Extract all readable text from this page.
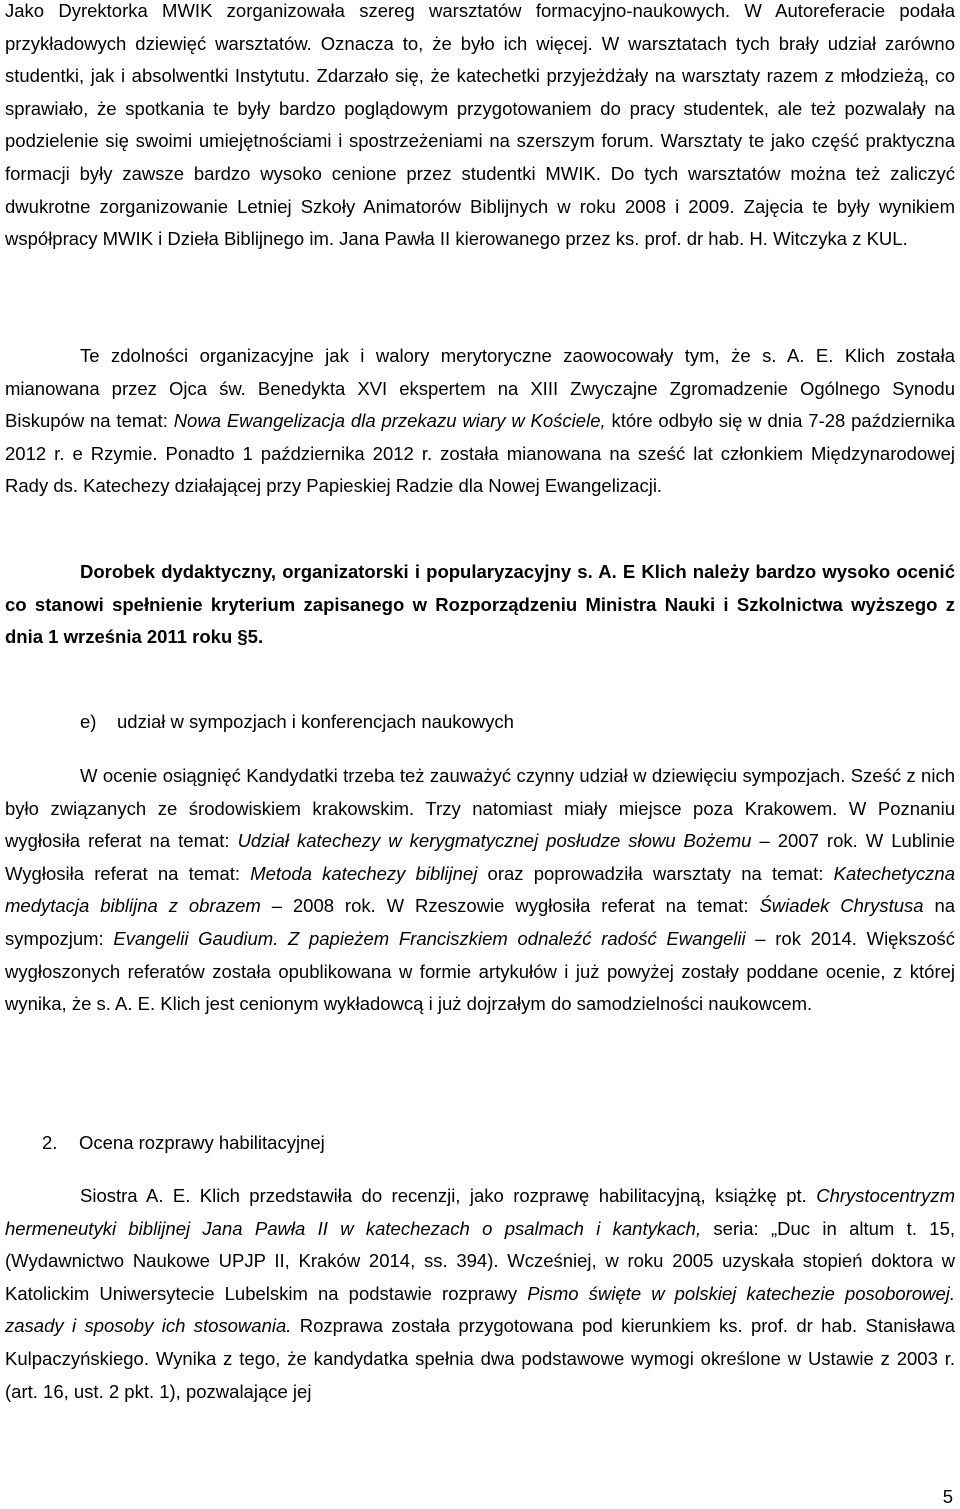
Jako Dyrektorka MWIK zorganizowała szereg warsztatów formacyjno-naukowych. W Autoreferacie podała przykładowych dziewięć warsztatów. Oznacza to, że było ich więcej. W warsztatach tych brały udział zarówno studentki, jak i absolwentki Instytutu. Zdarzało się, że katechetki przyjeżdżały na warsztaty razem z młodzieżą, co sprawiało, że spotkania te były bardzo poglądowym przygotowaniem do pracy studentek, ale też pozwalały na podzielenie się swoimi umiejętnościami i spostrzeżeniami na szerszym forum. Warsztaty te jako część praktyczna formacji były zawsze bardzo wysoko cenione przez studentki MWIK. Do tych warsztatów można też zaliczyć dwukrotne zorganizowanie Letniej Szkoły Animatorów Biblijnych w roku 2008 i 2009. Zajęcia te były wynikiem współpracy MWIK i Dzieła Biblijnego im. Jana Pawła II kierowanego przez ks. prof. dr hab. H. Witczyka z KUL.

Te zdolności organizacyjne jak i walory merytoryczne zaowocowały tym, że s. A. E. Klich została mianowana przez Ojca św. Benedykta XVI ekspertem na XIII Zwyczajne Zgromadzenie Ogólnego Synodu Biskupów na temat: Nowa Ewangelizacja dla przekazu wiary w Kościele, które odbyło się w dnia 7-28 października 2012 r. e Rzymie. Ponadto 1 października 2012 r. została mianowana na sześć lat członkiem Międzynarodowej Rady ds. Katechezy działającej przy Papieskiej Radzie dla Nowej Ewangelizacji.

Dorobek dydaktyczny, organizatorski i popularyzacyjny s. A. E Klich należy bardzo wysoko ocenić co stanowi spełnienie kryterium zapisanego w Rozporządzeniu Ministra Nauki i Szkolnictwa wyższego z dnia 1 września 2011 roku §5.

e) udział w sympozjach i konferencjach naukowych

W ocenie osiągnięć Kandydatki trzeba też zauważyć czynny udział w dziewięciu sympozjach. Sześć z nich było związanych ze środowiskiem krakowskim. Trzy natomiast miały miejsce poza Krakowem. W Poznaniu wygłosiła referat na temat: Udział katechezy w kerygmatycznej posłudze słowu Bożemu – 2007 rok. W Lublinie Wygłosiła referat na temat: Metoda katechezy biblijnej oraz poprowadziła warsztaty na temat: Katechetyczna medytacja biblijna z obrazem – 2008 rok. W Rzeszowie wygłosiła referat na temat: Świadek Chrystusa na sympozjum: Evangelii Gaudium. Z papieżem Franciszkiem odnaleźć radość Ewangelii – rok 2014. Większość wygłoszonych referatów została opublikowana w formie artykułów i już powyżej zostały poddane ocenie, z której wynika, że s. A. E. Klich jest cenionym wykładowcą i już dojrzałym do samodzielności naukowcem.

2. Ocena rozprawy habilitacyjnej

Siostra A. E. Klich przedstawiła do recenzji, jako rozprawę habilitacyjną, książkę pt. Chrystocentryzm hermeneutyki biblijnej Jana Pawła II w katechezach o psalmach i kantykach, seria: „Duc in altum t. 15, (Wydawnictwo Naukowe UPJP II, Kraków 2014, ss. 394). Wcześniej, w roku 2005 uzyskała stopień doktora w Katolickim Uniwersytecie Lubelskim na podstawie rozprawy Pismo święte w polskiej katechezie posoborowej. zasady i sposoby ich stosowania. Rozprawa została przygotowana pod kierunkiem ks. prof. dr hab. Stanisława Kulpaczyńskiego. Wynika z tego, że kandydatka spełnia dwa podstawowe wymogi określone w Ustawie z 2003 r. (art. 16, ust. 2 pkt. 1), pozwalające jej

5
